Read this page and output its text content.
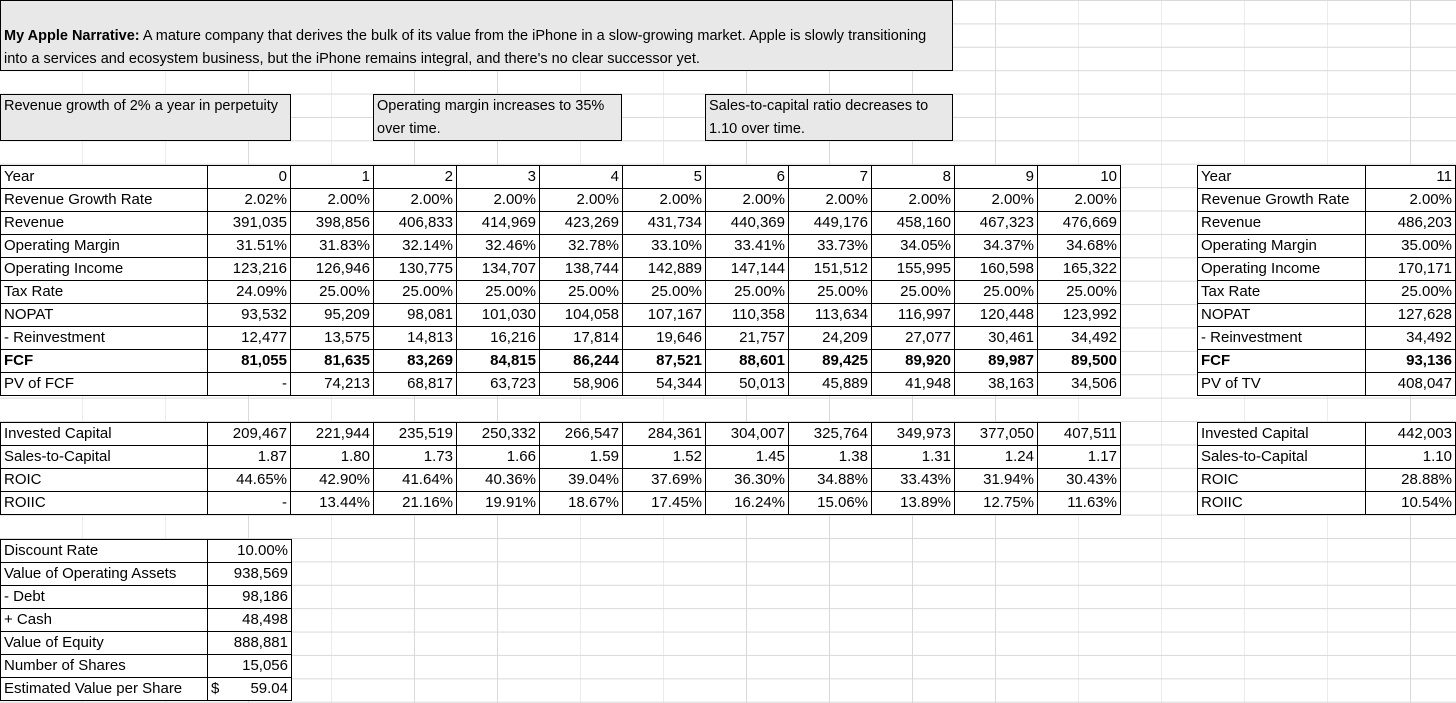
My Apple Narrative: A mature company that derives the bulk of its value from the iPhone in a slow-growing market. Apple is slowly transitioning into a services and ecosystem business, but the iPhone remains integral, and there's no clear successor yet.
Revenue growth of 2% a year in perpetuity	Operating margin increases to 35% over time.
Sales-to-capital ratio decreases to 1.10 over time.
Year	0	1	2	3	4	5	6	7	8	9	10
Revenue Growth Rate	2.02%	2.00%	2.00%	2.00%	2.00%	2.00%	2.00%	2.00%	2.00%	2.00%	2.00%
Revenue	391,035	398,856	406,833	414,969	423,269	431,734	440,369	449,176	458,160	467,323	476,669
Operating Margin	31.51%	31.83%	32.14%	32.46%	32.78%	33.10%	33.41%	33.73%	34.05%	34.37%	34.68%
Operating Income	123,216	126,946	130,775	134,707	138,744	142,889	147,144	151,512	155,995	160,598	165,322
Tax Rate	24.09%	25.00%	25.00%	25.00%	25.00%	25.00%	25.00%	25.00%	25.00%	25.00%	25.00%
NOPAT	93,532	95,209	98,081	101,030	104,058	107,167	110,358	113,634	116,997	120,448	123,992
- Reinvestment	12,477	13,575	14,813	16,216	17,814	19,646	21,757	24,209	27,077	30,461	34,492
FCF	81,055	81,635	83,269	84,815	86,244	87,521	88,601	89,425	89,920	89,987	89,500
PV of FCF	-	74,213	68,817	63,723	58,906	54,344	50,013	45,889	41,948	38,163	34,506
Invested Capital	209,467	221,944	235,519	250,332	266,547	284,361	304,007	325,764	349,973	377,050	407,511
Sales-to-Capital	1.87	1.80	1.73	1.66	1.59	1.52	1.45	1.38	1.31	1.24	1.17
ROIC	44.65%	42.90%	41.64%	40.36%	39.04%	37.69%	36.30%	34.88%	33.43%	31.94%	30.43%
ROIIC	-	13.44%	21.16%	19.91%	18.67%	17.45%	16.24%	15.06%	13.89%	12.75%	11.63%
Year	11
Revenue Growth Rate	2.00%
Revenue	486,203
Operating Margin	35.00%
Operating Income	170,171
Tax Rate	25.00%
NOPAT	127,628
- Reinvestment	34,492
FCF	93,136
PV of TV	408,047
Invested Capital	442,003
Sales-to-Capital	1.10
ROIC	28.88%
ROIIC	10.54%
Discount Rate	10.00%
Value of Operating Assets	938,569
- Debt	98,186
+ Cash	48,498
Value of Equity	888,881
Number of Shares	15,056
Estimated Value per Share	$ 59.04
